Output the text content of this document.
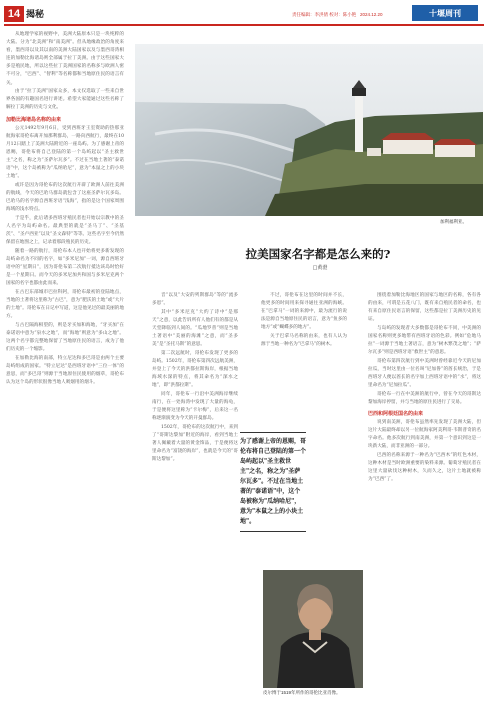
14 揭秘	责任编辑：李洪倩 校对：陈小艳 2024.12.20	十堰周刊

从地理学家的视野中，美洲大陆原本只是一块纯粹的大陆。分为“北美洲”和“南美洲”。但从地缘政治的角度来看，墨西哥以及其以南的美洲大陆国家以及与墨西哥湾相连的加勒比海诸岛则全部属于拉丁美洲。由于这些国家大多是殖民地，所以这些拉丁美洲国家的名称多与欧洲人密不可分，“巴西”、“智利”等名称都和当地原住民的语言有关。

由于“拉丁美洲”国家众多，本文仅选取了一些来自世界各国的有趣国名进行讲述。希望大家能通过这些名称了解拉丁美洲的历史与文化。

加勒比海诸岛名称的由来

公元1492年9月6日，受到西班牙王室资助的热那亚航海家哥伦布离开加那利群岛，一路向西航行，最终在10月12日踏上了美洲大陆附近的一座岛屿。为了感谢上帝的恩赐，哥伦布将自己登陆的第一个岛屿起以“圣主救世主”之名，称之为“圣萨尔瓦多”。不过在当地土著的“泰诺语”中，这个岛被称为“瓜纳哈尼”，意为“本鼠之上的小块土地”。

或许是因为哥伦布的这次航行开辟了欧洲人前往美洲的航线，今天的巴哈马群岛就包含了这座圣萨尔瓦多岛。巴哈马的名字源自西班牙语“浅海”，指的是这个国家周围海域的浅水特点。

于是乎，此后诸多西班牙殖民者也开始以宗教中的圣人名字为岛屿命名。最典型的就是“圣马丁”、“圣基茨”、“圣卢西亚”以及“圣文森特”等等。这些名字至今仍然保留在地图之上，记录着那段殖民的历史。

随着一路的航行，哥伦布本人也开始将更多新发现的岛屿命名为不同的名字，如“多米尼加”一词，源自西班牙语中的“星期日”，因为哥伦布第二次航行抵达该岛时恰好是一个星期日。而今天的多米尼加共和国与多米尼克两个国家的名字也都由此而来。

在古巴东部城市巴拉科阿，哥伦布最初的登陆地点，当地的土著将这里称为“古巴”，意为“肥沃的土地”或“大片的土地”。哥伦布在日记中写道，这是他见过的最美丽的地方。

与古巴隔海相望的，则是牙买加和海地，“牙买加”在泰诺语中意为“泉水之地”，而“海地”则意为“多山之地”。这两个名字都完整地保留了当地原住民的语言，成为了他们历史的一个缩影。

在加勒比海的南部，特立尼达和多巴哥是由两个主要岛屿组成的国家。“特立尼达”是西班牙语中“三位一体”的意思，而“多巴哥”则源于当地原住民使用的烟草，哥伦布认为这个岛的形状很像当地人吸烟用的烟斗。

加利福利亚。
拉美国家名字都是怎么来的?
□黄澄

音“以及”大安的列斯群岛“等的”流多多恩”。

其中“多米尼克”大约了诗中“是那天”之意，以此告诉所有人他们有的都是从天堂降临到人间的。“瓜地罗普”则是当地土著语中“美丽的海滩”之意，而“圣多美”是“圣托马斯”的意思。

第二次远航时，哥伦布发现了更多的岛屿。1502年，哥伦布第四次远航美洲，并登上了今天的洪都拉斯海岸，根据当地海域水深的特点，将其命名为“深水之地”，即“洪都拉斯”。

同年，哥伦布一行沿中美洲海岸继续南行，在一处海湾中发现了大量的海龟，于是便将这里称为“卡尔梅”，后来这一名称逐渐演变为今天的开曼群岛。

1502年，哥伦布的这次航行中，来到了“哥斯达黎加”附近的海岸，看到当地土著人佩戴着大量的黄金饰品，于是便将这里命名为“富饶的海岸”，也就是今天的“哥斯达黎加”。

不过，哥伦布在这里的时间并不长，他更多的时间用来探寻通往亚洲的海峡。在“巴拿马”一词的来源中，最为流行的说法是源自当地原住民的语言，意为“鱼多的地方”或“蝴蝶多的地方”。

关于巴拿马名称的由来，也有人认为源于当地一种名为“巴拿马”的树木。

围绕着加勒比海地区的国家与地区的名称，各有各的由来，可谓是五花八门，既有来自殖民者的命名，也有来自原住民语言的保留，这些都是拉丁美洲历史的见证。

与岛屿的发现者大多数都是哥伦布不同，中美洲的国家名称则更多地带有西班牙语的色彩。例如“危地马拉”一词源于当地土著语言，意为“树木繁茂之地”；“萨尔瓦多”则是西班牙语“救世主”的意思。

哥伦布第四次航行到中美洲时曾经靠近今天的尼加拉瓜，当时这里由一位名叫“尼加鲁”的酋长统治，于是西班牙人便以酋长的名字加上西班牙语中的“水”，将这里命名为“尼加拉瓜”。

哥伦布一行在中美洲的航行中，曾在今天的哥斯达黎加海岸停留，并与当地的原住民进行了交易。

巴西和阿根廷国名的由来

说到南美洲，哥伦布虽然率先发现了美洲大陆，但这片大陆最终却以另一位航海家阿美利哥·韦斯普奇的名字命名。他多次航行到南美洲，并第一个意识到这是一块新大陆，而非亚洲的一部分。

巴西的名称来源于一种名为“巴西木”的红色木材，这种木材是当时欧洲重要的染料来源。葡萄牙殖民者在这里大量砍伐这种树木，久而久之，这片土地就被称为“巴西”了。

为了感谢上帝的恩赐，哥伦布将自己登陆的第一个岛屿起以"圣主救世主"之名，称之为"圣萨尔瓦多"。不过在当地土著的"泰诺语"中，这个岛被称为"瓜纳哈尼"，意为"本鼠之上的小块土地"。
皮尔博于1519年所作的哥伦比亚肖像。
